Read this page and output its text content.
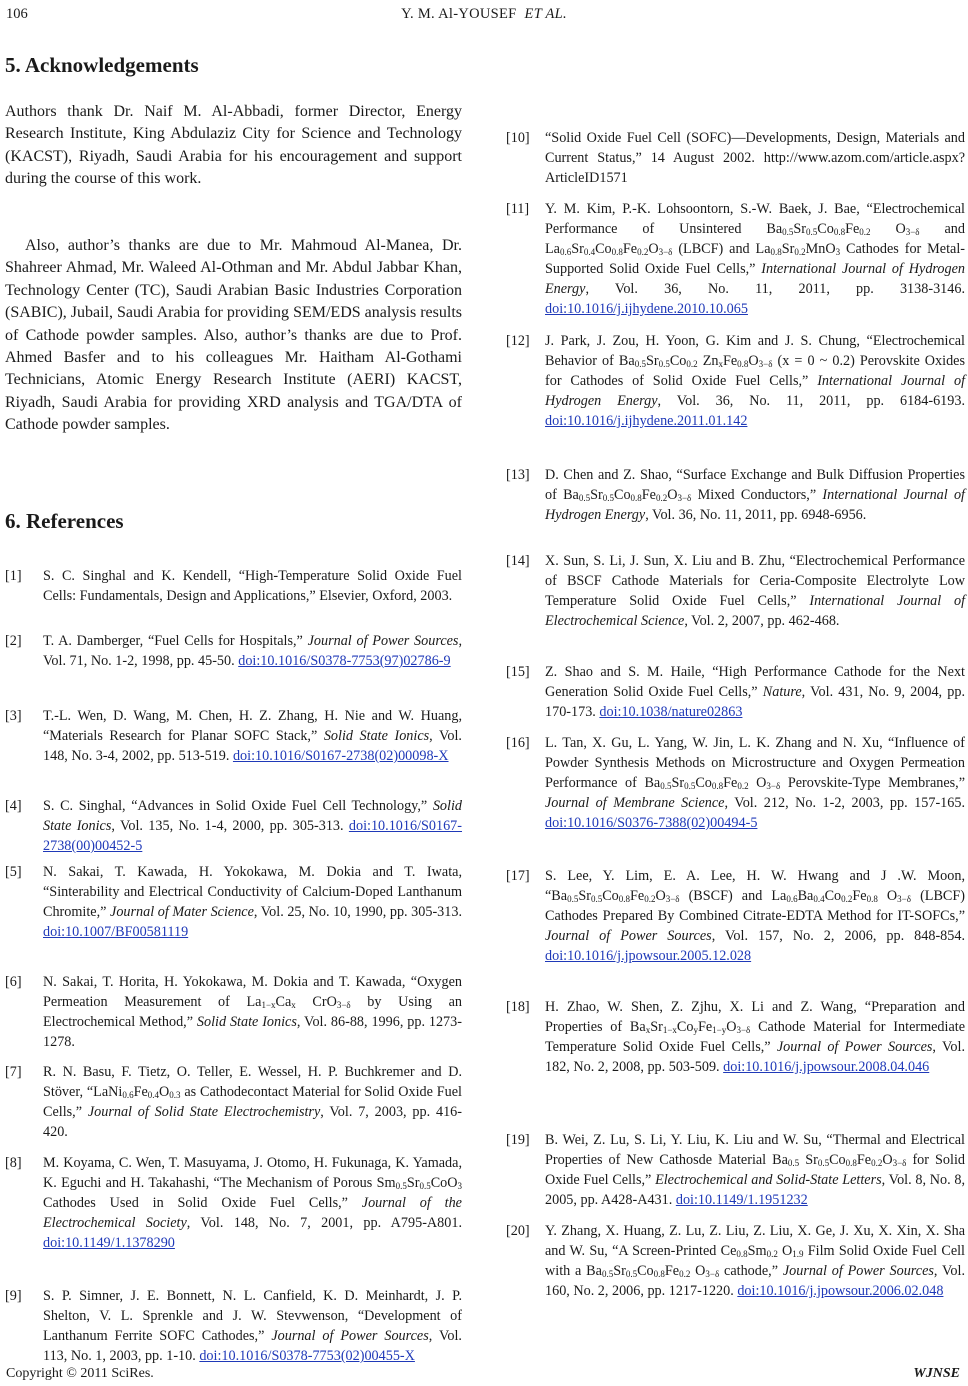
106	Y. M. Al-YOUSEF ET AL.
5. Acknowledgements

Authors thank Dr. Naif M. Al-Abbadi, former Director, Energy Research Institute, King Abdulaziz City for Science and Technology (KACST), Riyadh, Saudi Arabia for his encouragement and support during the course of this work.

Also, author’s thanks are due to Mr. Mahmoud Al-Manea, Dr. Shahreer Ahmad, Mr. Waleed Al-Othman and Mr. Abdul Jabbar Khan, Technology Center (TC), Saudi Arabian Basic Industries Corporation (SABIC), Jubail, Saudi Arabia for providing SEM/EDS analysis results of Cathode powder samples. Also, author’s thanks are due to Prof. Ahmed Basfer and to his colleagues Mr. Haitham Al-Gothami Technicians, Atomic Energy Research Institute (AERI) KACST, Riyadh, Saudi Arabia for providing XRD analysis and TGA/DTA of Cathode powder samples.

6. References
[1] S. C. Singhal and K. Kendell, “High-Temperature Solid Oxide Fuel Cells: Fundamentals, Design and Applications,” Elsevier, Oxford, 2003.
[2] T. A. Damberger, “Fuel Cells for Hospitals,” Journal of Power Sources, Vol. 71, No. 1-2, 1998, pp. 45-50. doi:10.1016/S0378-7753(97)02786-9
[3] T.-L. Wen, D. Wang, M. Chen, H. Z. Zhang, H. Nie and W. Huang, “Materials Research for Planar SOFC Stack,” Solid State Ionics, Vol. 148, No. 3-4, 2002, pp. 513-519. doi:10.1016/S0167-2738(02)00098-X
[4] S. C. Singhal, “Advances in Solid Oxide Fuel Cell Technology,” Solid State Ionics, Vol. 135, No. 1-4, 2000, pp. 305-313. doi:10.1016/S0167-2738(00)00452-5
[5] N. Sakai, T. Kawada, H. Yokokawa, M. Dokia and T. Iwata, “Sinterability and Electrical Conductivity of Calcium-Doped Lanthanum Chromite,” Journal of Mater Science, Vol. 25, No. 10, 1990, pp. 305-313. doi:10.1007/BF00581119
[6] N. Sakai, T. Horita, H. Yokokawa, M. Dokia and T. Kawada, “Oxygen Permeation Measurement of $La_{1-x}Ca_x$ CrO$_{3-\delta}$ by Using an Electrochemical Method,” Solid State Ionics, Vol. 86-88, 1996, pp. 1273-1278.
[7] R. N. Basu, F. Tietz, O. Teller, E. Wessel, H. P. Buchkremer and D. Stöver, “$LaNi_{0.6}Fe_{0.4}O_{0.3}$ as Cathodecontact Material for Solid Oxide Fuel Cells,” Journal of Solid State Electrochemistry, Vol. 7, 2003, pp. 416-420.
[8] M. Koyama, C. Wen, T. Masuyama, J. Otomo, H. Fukunaga, K. Yamada, K. Eguchi and H. Takahashi, “The Mechanism of Porous $Sm_{0.5}Sr_{0.5}CoO_3$ Cathodes Used in Solid Oxide Fuel Cells,” Journal of the Electrochemical Society, Vol. 148, No. 7, 2001, pp. A795-A801. doi:10.1149/1.1378290
[9] S. P. Simner, J. E. Bonnett, N. L. Canfield, K. D. Meinhardt, J. P. Shelton, V. L. Sprenkle and J. W. Stevwenson, “Development of Lanthanum Ferrite SOFC Cathodes,” Journal of Power Sources, Vol. 113, No. 1, 2003, pp. 1-10. doi:10.1016/S0378-7753(02)00455-X
[10] “Solid Oxide Fuel Cell (SOFC)—Developments, Design, Materials and Current Status,” 14 August 2002. http://www.azom.com/article.aspx?ArticleID1571
[11] Y. M. Kim, P.-K. Lohsoontorn, S.-W. Baek, J. Bae, “Electrochemical Performance of Unsintered $Ba_{0.5}Sr_{0.5}Co_{0.8}Fe_{0.2}$ $O_{3-\delta}$ and $La_{0.6}Sr_{0.4}Co_{0.8}Fe_{0.2}O_{3-\delta}$ (LBCF) and $La_{0.8}Sr_{0.2}MnO_3$ Cathodes for Metal-Supported Solid Oxide Fuel Cells,” International Journal of Hydrogen Energy, Vol. 36, No. 11, 2011, pp. 3138-3146. doi:10.1016/j.ijhydene.2010.10.065
[12] J. Park, J. Zou, H. Yoon, G. Kim and J. S. Chung, “Electrochemical Behavior of $Ba_{0.5}Sr_{0.5}Co_{0.2}$ $Zn_xFe_{0.8}O_{3-\delta}$ (x = 0 ~ 0.2) Perovskite Oxides for Cathodes of Solid Oxide Fuel Cells,” International Journal of Hydrogen Energy, Vol. 36, No. 11, 2011, pp. 6184-6193. doi:10.1016/j.ijhydene.2011.01.142
[13] D. Chen and Z. Shao, “Surface Exchange and Bulk Diffusion Properties of $Ba_{0.5}Sr_{0.5}Co_{0.8}Fe_{0.2}O_{3-\delta}$ Mixed Conductors,” International Journal of Hydrogen Energy, Vol. 36, No. 11, 2011, pp. 6948-6956.
[14] X. Sun, S. Li, J. Sun, X. Liu and B. Zhu, “Electrochemical Performance of BSCF Cathode Materials for Ceria-Composite Electrolyte Low Temperature Solid Oxide Fuel Cells,” International Journal of Electrochemical Science, Vol. 2, 2007, pp. 462-468.
[15] Z. Shao and S. M. Haile, “High Performance Cathode for the Next Generation Solid Oxide Fuel Cells,” Nature, Vol. 431, No. 9, 2004, pp. 170-173. doi:10.1038/nature02863
[16] L. Tan, X. Gu, L. Yang, W. Jin, L. K. Zhang and N. Xu, “Influence of Powder Synthesis Methods on Microstructure and Oxygen Permeation Performance of $Ba_{0.5}Sr_{0.5}Co_{0.8}Fe_{0.2}$ $O_{3-\delta}$ Perovskite-Type Membranes,” Journal of Membrane Science, Vol. 212, No. 1-2, 2003, pp. 157-165. doi:10.1016/S0376-7388(02)00494-5
[17] S. Lee, Y. Lim, E. A. Lee, H. W. Hwang and J .W. Moon, “$Ba_{0.5}Sr_{0.5}Co_{0.8}Fe_{0.2}O_{3-\delta}$ (BSCF) and $La_{0.6}Ba_{0.4}Co_{0.2}Fe_{0.8}$ $O_{3-\delta}$ (LBCF) Cathodes Prepared By Combined Citrate-EDTA Method for IT-SOFCs,” Journal of Power Sources, Vol. 157, No. 2, 2006, pp. 848-854. doi:10.1016/j.jpowsour.2005.12.028
[18] H. Zhao, W. Shen, Z. Zjhu, X. Li and Z. Wang, “Preparation and Properties of $Ba_xSr_{1-x}Co_yFe_{1-y}O_{3-\delta}$ Cathode Material for Intermediate Temperature Solid Oxide Fuel Cells,” Journal of Power Sources, Vol. 182, No. 2, 2008, pp. 503-509. doi:10.1016/j.jpowsour.2008.04.046
[19] B. Wei, Z. Lu, S. Li, Y. Liu, K. Liu and W. Su, “Thermal and Electrical Properties of New Cathosde Material $Ba_{0.5}$ $Sr_{0.5}Co_{0.8}Fe_{0.2}O_{3-\delta}$ for Solid Oxide Fuel Cells,” Electrochemical and Solid-State Letters, Vol. 8, No. 8, 2005, pp. A428-A431. doi:10.1149/1.1951232
[20] Y. Zhang, X. Huang, Z. Lu, Z. Liu, Z. Liu, X. Ge, J. Xu, X. Xin, X. Sha and W. Su, “A Screen-Printed $Ce_{0.8}Sm_{0.2}$ $O_{1.9}$ Film Solid Oxide Fuel Cell with a $Ba_{0.5}Sr_{0.5}Co_{0.8}Fe_{0.2}$ $O_{3-\delta}$ cathode,” Journal of Power Sources, Vol. 160, No. 2, 2006, pp. 1217-1220. doi:10.1016/j.jpowsour.2006.02.048
Copyright © 2011 SciRes.	WJNSE
